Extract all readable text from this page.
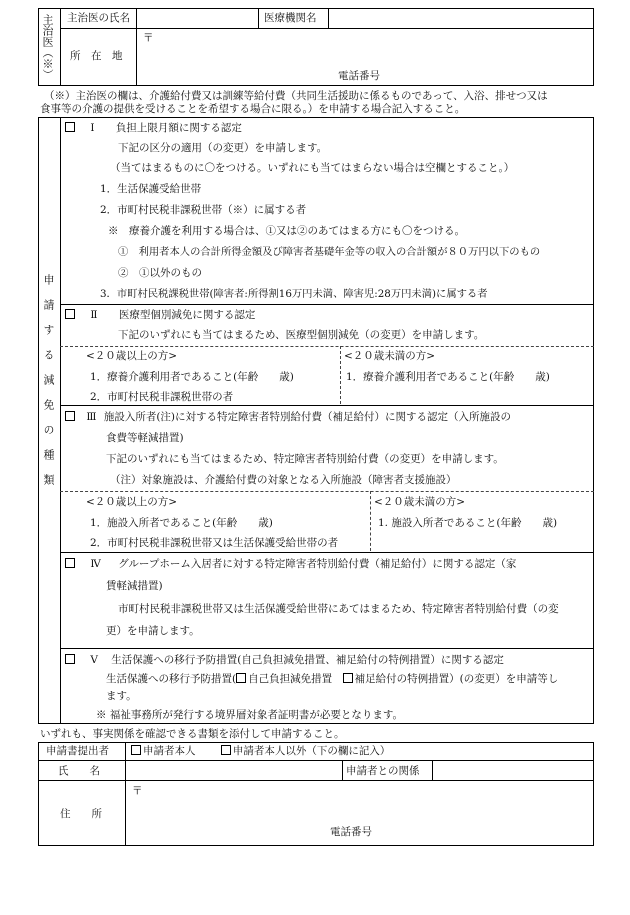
主治医（※） 主治医の氏名	医療機関名
所　在　地
〒
電話番号
（※）主治医の欄は、介護給付費又は訓練等給付費（共同生活援助に係るものであって、入浴、排せつ又は
食事等の介護の提供を受けることを希望する場合に限る。）を申請する場合記入すること。
申請する減免の種類
Ⅰ 負担上限月額に関する認定
下記の区分の適用（の変更）を申請します。
（当てはまるものに〇をつける。いずれにも当てはまらない場合は空欄とすること。）
1．生活保護受給世帯
2．市町村民税非課税世帯（※）に属する者
※　療養介護を利用する場合は、①又は②のあてはまる方にも〇をつける。
①　利用者本人の合計所得金額及び障害者基礎年金等の収入の合計額が８０万円以下のもの
②　①以外のもの
3．市町村民税課税世帯(障害者:所得割16万円未満、障害児:28万円未満)に属する者
Ⅱ 医療型個別減免に関する認定
下記のいずれにも当てはまるため、医療型個別減免（の変更）を申請します。
<２０歳以上の方>	<２０歳未満の方>
1．療養介護利用者であること(年齢　　歳)	1．療養介護利用者であること(年齢　　歳)
2．市町村民税非課税世帯の者
Ⅲ 施設入所者(注)に対する特定障害者特別給付費（補足給付）に関する認定（入所施設の
食費等軽減措置)
下記のいずれにも当てはまるため、特定障害者特別給付費（の変更）を申請します。
（注）対象施設は、介護給付費の対象となる入所施設（障害者支援施設）
<２０歳以上の方>	<２０歳未満の方>
1．施設入所者であること(年齢　　歳)	1. 施設入所者であること(年齢　　歳)
2．市町村民税非課税世帯又は生活保護受給世帯の者
Ⅳ グループホーム入居者に対する特定障害者特別給付費（補足給付）に関する認定（家
賃軽減措置)
市町村民税非課税世帯又は生活保護受給世帯にあてはまるため、特定障害者特別給付費（の変
更）を申請します。
Ⅴ 生活保護への移行予防措置(自己負担減免措置、補足給付の特例措置）に関する認定
生活保護への移行予防措置( 自己負担減免措置　補足給付の特例措置）(の変更）を申請等し
ます。
※ 福祉事務所が発行する境界層対象者証明書が必要となります。
いずれも、事実関係を確認できる書類を添付して申請すること。
申請書提出者	申請者本人	申請者本人以外（下の欄に記入）
氏　　名	申請者との関係
住　　所
〒
電話番号
